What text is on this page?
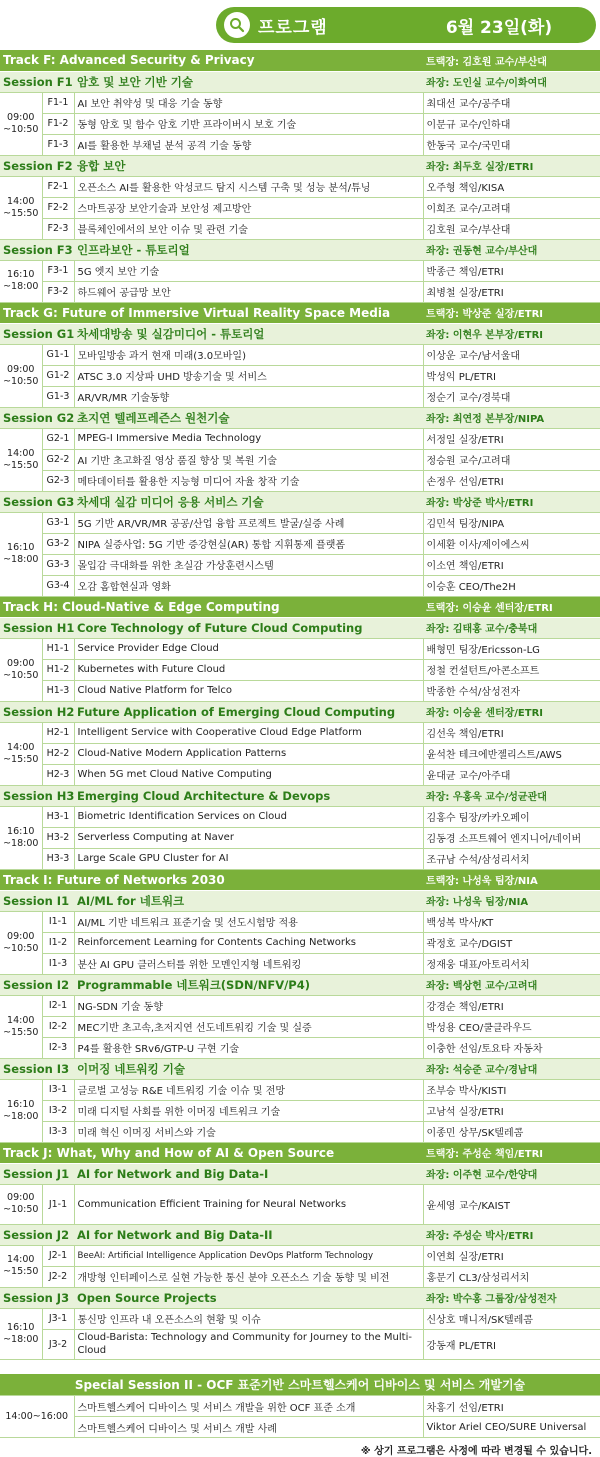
프로그램	6월 23일(화)
Track F: Advanced Security & Privacy			트랙장: 김호원 교수/부산대
Session F1		암호 및 보안 기반 기술	좌장: 도인실 교수/이화여대

09:00
~10:50	F1-1	AI 보안 취약성 및 대응 기술 동향	최대선 교수/공주대
	F1-2	동형 암호 및 함수 암호 기반 프라이버시 보호 기술	이문규 교수/인하대
	F1-3	AI를 활용한 부채널 분석 공격 기술 동향	한동국 교수/국민대
Session F2		융합 보안	좌장: 최두호 실장/ETRI

14:00
~15:50	F2-1	오픈소스 AI를 활용한 악성코드 탐지 시스템 구축 및 성능 분석/튜닝	오주형 책임/KISA
	F2-2	스마트공장 보안기술과 보안성 제고방안	이희조 교수/고려대
	F2-3	블록체인에서의 보안 이슈 및 관련 기술	김호원 교수/부산대
Session F3		인프라보안 - 튜토리얼	좌장: 권동현 교수/부산대

16:10
~18:00	F3-1	5G 엣지 보안 기술	박종근 책임/ETRI
	F3-2	하드웨어 공급망 보안	최병철 실장/ETRI
Track G: Future of Immersive Virtual Reality Space Media			트랙장: 박상준 실장/ETRI
Session G1		차세대방송 및 실감미디어 - 튜토리얼	좌장: 이현우 본부장/ETRI

09:00
~10:50	G1-1	모바일방송 과거 현재 미래(3.0모바일)	이상운 교수/남서울대
	G1-2	ATSC 3.0 지상파 UHD 방송기술 및 서비스	박성익 PL/ETRI
	G1-3	AR/VR/MR 기술동향	정순기 교수/경북대
Session G2		초지연 텔레프레즌스 원천기술	좌장: 최연정 본부장/NIPA

14:00
~15:50	G2-1	MPEG-I Immersive Media Technology	서정일 실장/ETRI
	G2-2	AI 기반 초고화질 영상 품질 향상 및 복원 기술	정승원 교수/고려대
	G2-3	메타데이터를 활용한 지능형 미디어 자율 창작 기술	손정우 선임/ETRI
Session G3		차세대 실감 미디어 응용 서비스 기술	좌장: 박상준 박사/ETRI

16:10
~18:00	G3-1	5G 기반 AR/VR/MR 공공/산업 융합 프로젝트 발굴/실증 사례	김민석 팀장/NIPA
	G3-2	NIPA 실증사업: 5G 기반 증강현실(AR) 통합 지휘통제 플랫폼	이세환 이사/제이에스씨
	G3-3	몰입감 극대화를 위한 초실감 가상훈련시스템	이소연 책임/ETRI
	G3-4	오감 홈합현실과 영화	이승훈 CEO/The2H
Track H: Cloud-Native & Edge Computing			트랙장: 이승윤 센터장/ETRI
Session H1		Core Technology of Future Cloud Computing	좌장: 김태홍 교수/충북대

09:00
~10:50	H1-1	Service Provider Edge Cloud	배형민 팀장/Ericsson-LG
	H1-2	Kubernetes with Future Cloud	정철 컨설턴트/아콘소프트
	H1-3	Cloud Native Platform for Telco	박종한 수석/삼성전자
Session H2		Future Application of Emerging Cloud Computing	좌장: 이승윤 센터장/ETRI

14:00
~15:50	H2-1	Intelligent Service with Cooperative Cloud Edge Platform	김선욱 책임/ETRI
	H2-2	Cloud-Native Modern Application Patterns	윤석찬 테크에반젤리스트/AWS
	H2-3	When 5G met Cloud Native Computing	윤대균 교수/아주대
Session H3		Emerging Cloud Architecture & Devops	좌장: 우홍욱 교수/성균관대

16:10
~18:00	H3-1	Biometric Identification Services on Cloud	김홍수 팀장/카카오페이
	H3-2	Serverless Computing at Naver	김동경 소프트웨어 엔지니어/네이버
	H3-3	Large Scale GPU Cluster for AI	조규남 수석/삼성리서치
Track I: Future of Networks 2030			트랙장: 나성욱 팀장/NIA
Session I1		AI/ML for 네트워크	좌장: 나성욱 팀장/NIA

09:00
~10:50	I1-1	AI/ML 기반 네트워크 표준기술 및 선도시험망 적용	백성복 박사/KT
	I1-2	Reinforcement Learning for Contents Caching Networks	곽정호 교수/DGIST
	I1-3	분산 AI GPU 클러스터를 위한 모멘인지형 네트워킹	정재웅 대표/아토리서치
Session I2		Programmable 네트워크(SDN/NFV/P4)	좌장: 백상헌 교수/고려대

14:00
~15:50	I2-1	NG-SDN 기술 동향	강경순 책임/ETRI
	I2-2	MEC기반 초고속,초저지연 선도네트워킹 기술 및 실증	박성용 CEO/쿨클라우드
	I2-3	P4를 활용한 SRv6/GTP-U 구현 기술	이충한 선임/토요타 자동차
Session I3		이머징 네트워킹 기술	좌장: 석승준 교수/경남대

16:10
~18:00	I3-1	글로벌 고성능 R&E 네트워킹 기술 이슈 및 전망	조부승 박사/KISTI
	I3-2	미래 디지털 사회를 위한 이머징 네트워크 기술	고남석 실장/ETRI
	I3-3	미래 혁신 이머징 서비스와 기술	이종민 상무/SK텔레콤
Track J: What, Why and How of AI & Open Source			트랙장: 주성순 책임/ETRI
Session J1		AI for Network and Big Data-I	좌장: 이주현 교수/한양대

09:00
~10:50	J1-1	Communication Efficient Training for Neural Networks	윤세영 교수/KAIST
Session J2		AI for Network and Big Data-II	좌장: 주성순 박사/ETRI

14:00
~15:50	J2-1	BeeAI: Artificial Intelligence Application DevOps Platform Technology	이연희 실장/ETRI
	J2-2	개방형 인터페이스로 실현 가능한 통신 분야 오픈소스 기술 동향 및 비전	홍문기 CL3/삼성리서치
Session J3		Open Source Projects	좌장: 박수홍 그룹장/삼성전자

16:10
~18:00	J3-1	통신망 인프라 내 오픈소스의 현황 및 이슈	신상호 매니저/SK텔레콤
	J3-2	Cloud-Barista: Technology and Community for Journey to the Multi-Cloud	강동재 PL/ETRI
Special Session II - OCF 표준기반 스마트헬스케어 디바이스 및 서비스 개발기술		
14:00~16:00	스마트헬스케어 디바이스 및 서비스 개발을 위한 OCF 표준 소개	차홍기 선임/ETRI
	스마트헬스케어 디바이스 및 서비스 개발 사례	Viktor Ariel CEO/SURE Universal
※ 상기 프로그램은 사정에 따라 변경될 수 있습니다.
